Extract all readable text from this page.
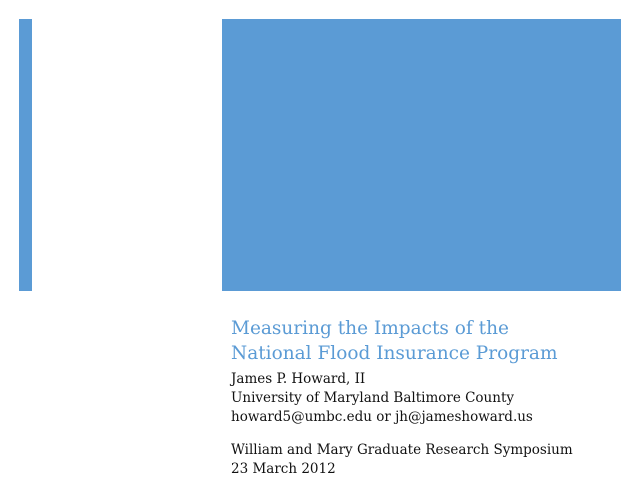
Measuring the Impacts of the
National Flood Insurance Program
James P. Howard, II
University of Maryland Baltimore County
howard5@umbc.edu or jh@jameshoward.us
William and Mary Graduate Research Symposium
23 March 2012
